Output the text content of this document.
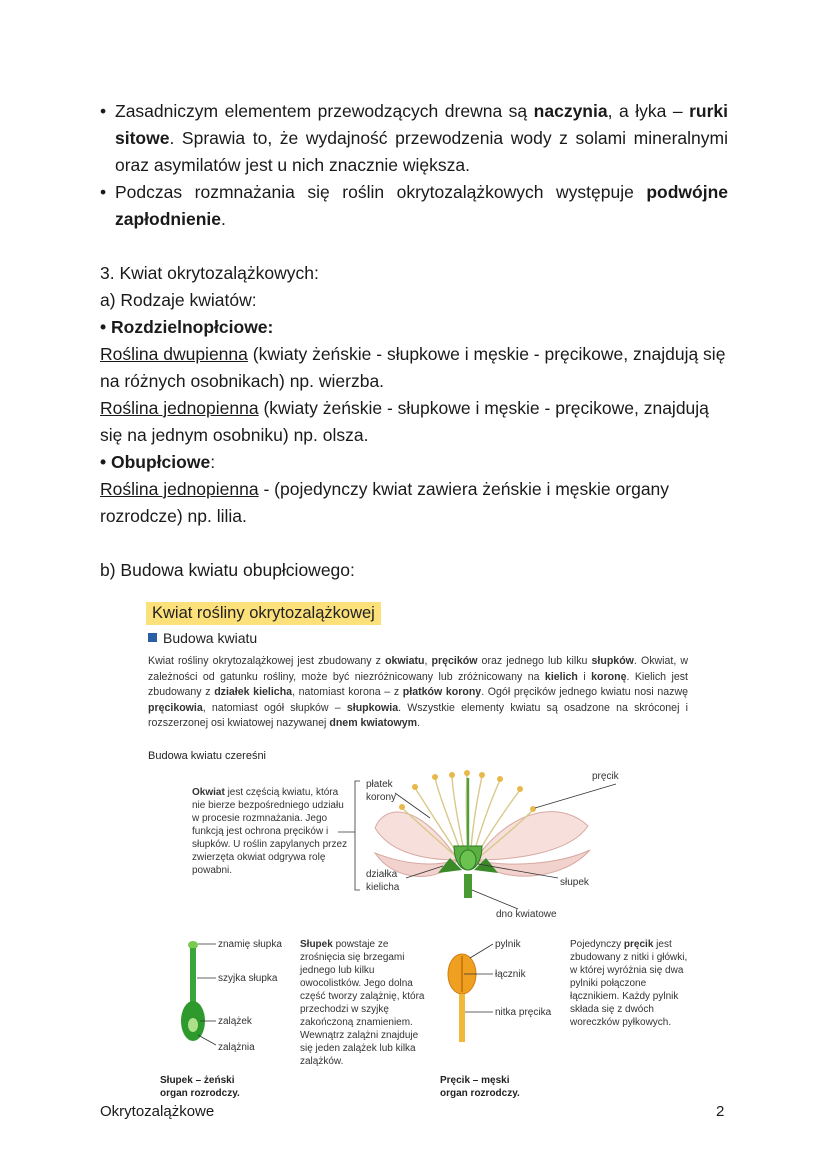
• Zasadniczym elementem przewodzących drewna są naczynia, a łyka – rurki sitowe. Sprawia to, że wydajność przewodzenia wody z solami mineralnymi oraz asymilatów jest u nich znacznie większa.
• Podczas rozmnażania się roślin okrytozalążkowych występuje podwójne zapłodnienie.
3. Kwiat okrytozalążkowych:
a) Rodzaje kwiatów:
• Rozdzielnopłciowe:
Roślina dwupienna (kwiaty żeńskie - słupkowe i męskie - pręcikowe, znajdują się na różnych osobnikach) np. wierzba.
Roślina jednopienna (kwiaty żeńskie - słupkowe i męskie - pręcikowe, znajdują się na jednym osobniku) np. olsza.
• Obupłciowe:
Roślina jednopienna - (pojedynczy kwiat zawiera żeńskie i męskie organy rozrodcze) np. lilia.
b) Budowa kwiatu obupłciowego:
Kwiat rośliny okrytozalążkowej
Budowa kwiatu
Kwiat rośliny okrytozalążkowej jest zbudowany z okwiatu, pręcików oraz jednego lub kilku słupków. Okwiat, w zależności od gatunku rośliny, może być niezróżnicowany lub zróżnicowany na kielich i koronę. Kielich jest zbudowany z działek kielicha, natomiast korona – z płatków korony. Ogół pręcików jednego kwiatu nosi nazwę pręcikowia, natomiast ogół słupków – słupkowia. Wszystkie elementy kwiatu są osadzone na skróconej i rozszerzonej osi kwiatowej nazywanej dnem kwiatowym.
Budowa kwiatu czereśni
Okwiat jest częścią kwiatu, która nie bierze bezpośredniego udziału w procesie rozmnażania. Jego funkcją jest ochrona pręcików i słupków. U roślin zapylanych przez zwierzęta okwiat odgrywa rolę powabni.
płatek
korony
działka
kielicha
pręcik
słupek
dno kwiatowe
znamię słupka
szyjka słupka
zalążek
zalążnia
Słupek – żeński
organ rozrodczy.
Słupek powstaje ze zrośnięcia się brzegami jednego lub kilku owocolistków. Jego dolna część tworzy zalążnię, która przechodzi w szyjkę zakończoną znamieniem. Wewnątrz zalążni znajduje się jeden zalążek lub kilka zalążków.
pylnik
łącznik
nitka pręcika
Pręcik – męski
organ rozrodczy.
Pojedynczy pręcik jest zbudowany z nitki i główki, w której wyróżnia się dwa pylniki połączone łącznikiem. Każdy pylnik składa się z dwóch woreczków pyłkowych.
Okrytozalążkowe	2
